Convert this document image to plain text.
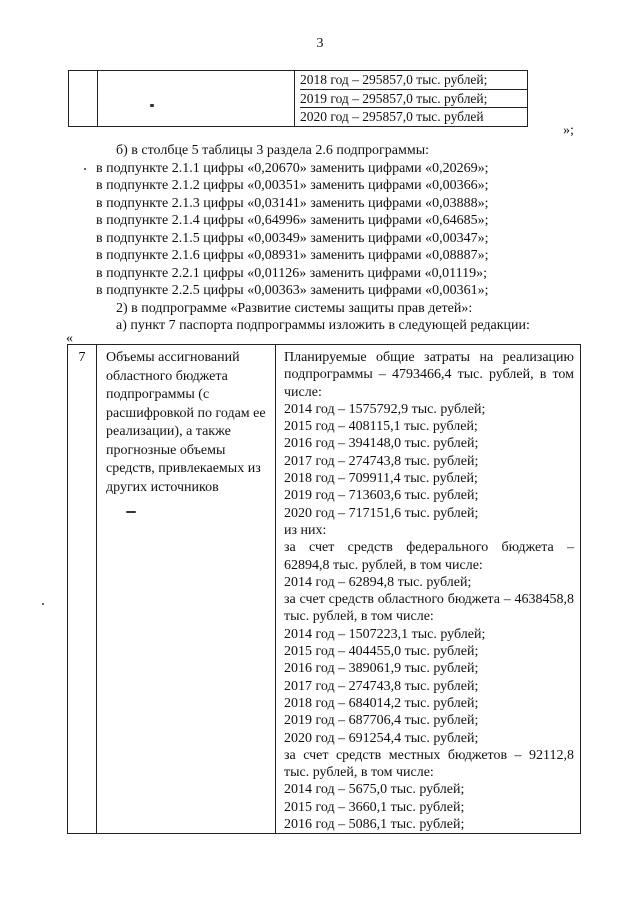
3

2018 год – 295857,0 тыс. рублей;
2019 год – 295857,0 тыс. рублей;
2020 год – 295857,0 тыс. рублей
»;
б) в столбце 5 таблицы 3 раздела 2.6 подпрограммы:
в подпункте 2.1.1 цифры «0,20670» заменить цифрами «0,20269»;
в подпункте 2.1.2 цифры «0,00351» заменить цифрами «0,00366»;
в подпункте 2.1.3 цифры «0,03141» заменить цифрами «0,03888»;
в подпункте 2.1.4 цифры «0,64996» заменить цифрами «0,64685»;
в подпункте 2.1.5 цифры «0,00349» заменить цифрами «0,00347»;
в подпункте 2.1.6 цифры «0,08931» заменить цифрами «0,08887»;
в подпункте 2.2.1 цифры «0,01126» заменить цифрами «0,01119»;
в подпункте 2.2.5 цифры «0,00363» заменить цифрами «0,00361»;
2) в подпрограмме «Развитие системы защиты прав детей»:
а) пункт 7 паспорта подпрограммы изложить в следующей редакции:
«
7	Объемы ассигнований областного бюджета подпрограммы (с расшифровкой по годам ее реализации), а также прогнозные объемы средств, привлекаемых из других источников

Планируемые общие затраты на реализацию подпрограммы – 4793466,4 тыс. рублей, в том числе:
2014 год – 1575792,9 тыс. рублей;
2015 год – 408115,1 тыс. рублей;
2016 год – 394148,0 тыс. рублей;
2017 год – 274743,8 тыс. рублей;
2018 год – 709911,4 тыс. рублей;
2019 год – 713603,6 тыс. рублей;
2020 год – 717151,6 тыс. рублей;
из них:
за счет средств федерального бюджета – 62894,8 тыс. рублей, в том числе:
2014 год – 62894,8 тыс. рублей;
за счет средств областного бюджета – 4638458,8 тыс. рублей, в том числе:
2014 год – 1507223,1 тыс. рублей;
2015 год – 404455,0 тыс. рублей;
2016 год – 389061,9 тыс. рублей;
2017 год – 274743,8 тыс. рублей;
2018 год – 684014,2 тыс. рублей;
2019 год – 687706,4 тыс. рублей;
2020 год – 691254,4 тыс. рублей;
за счет средств местных бюджетов – 92112,8 тыс. рублей, в том числе:
2014 год – 5675,0 тыс. рублей;
2015 год – 3660,1 тыс. рублей;
2016 год – 5086,1 тыс. рублей;
